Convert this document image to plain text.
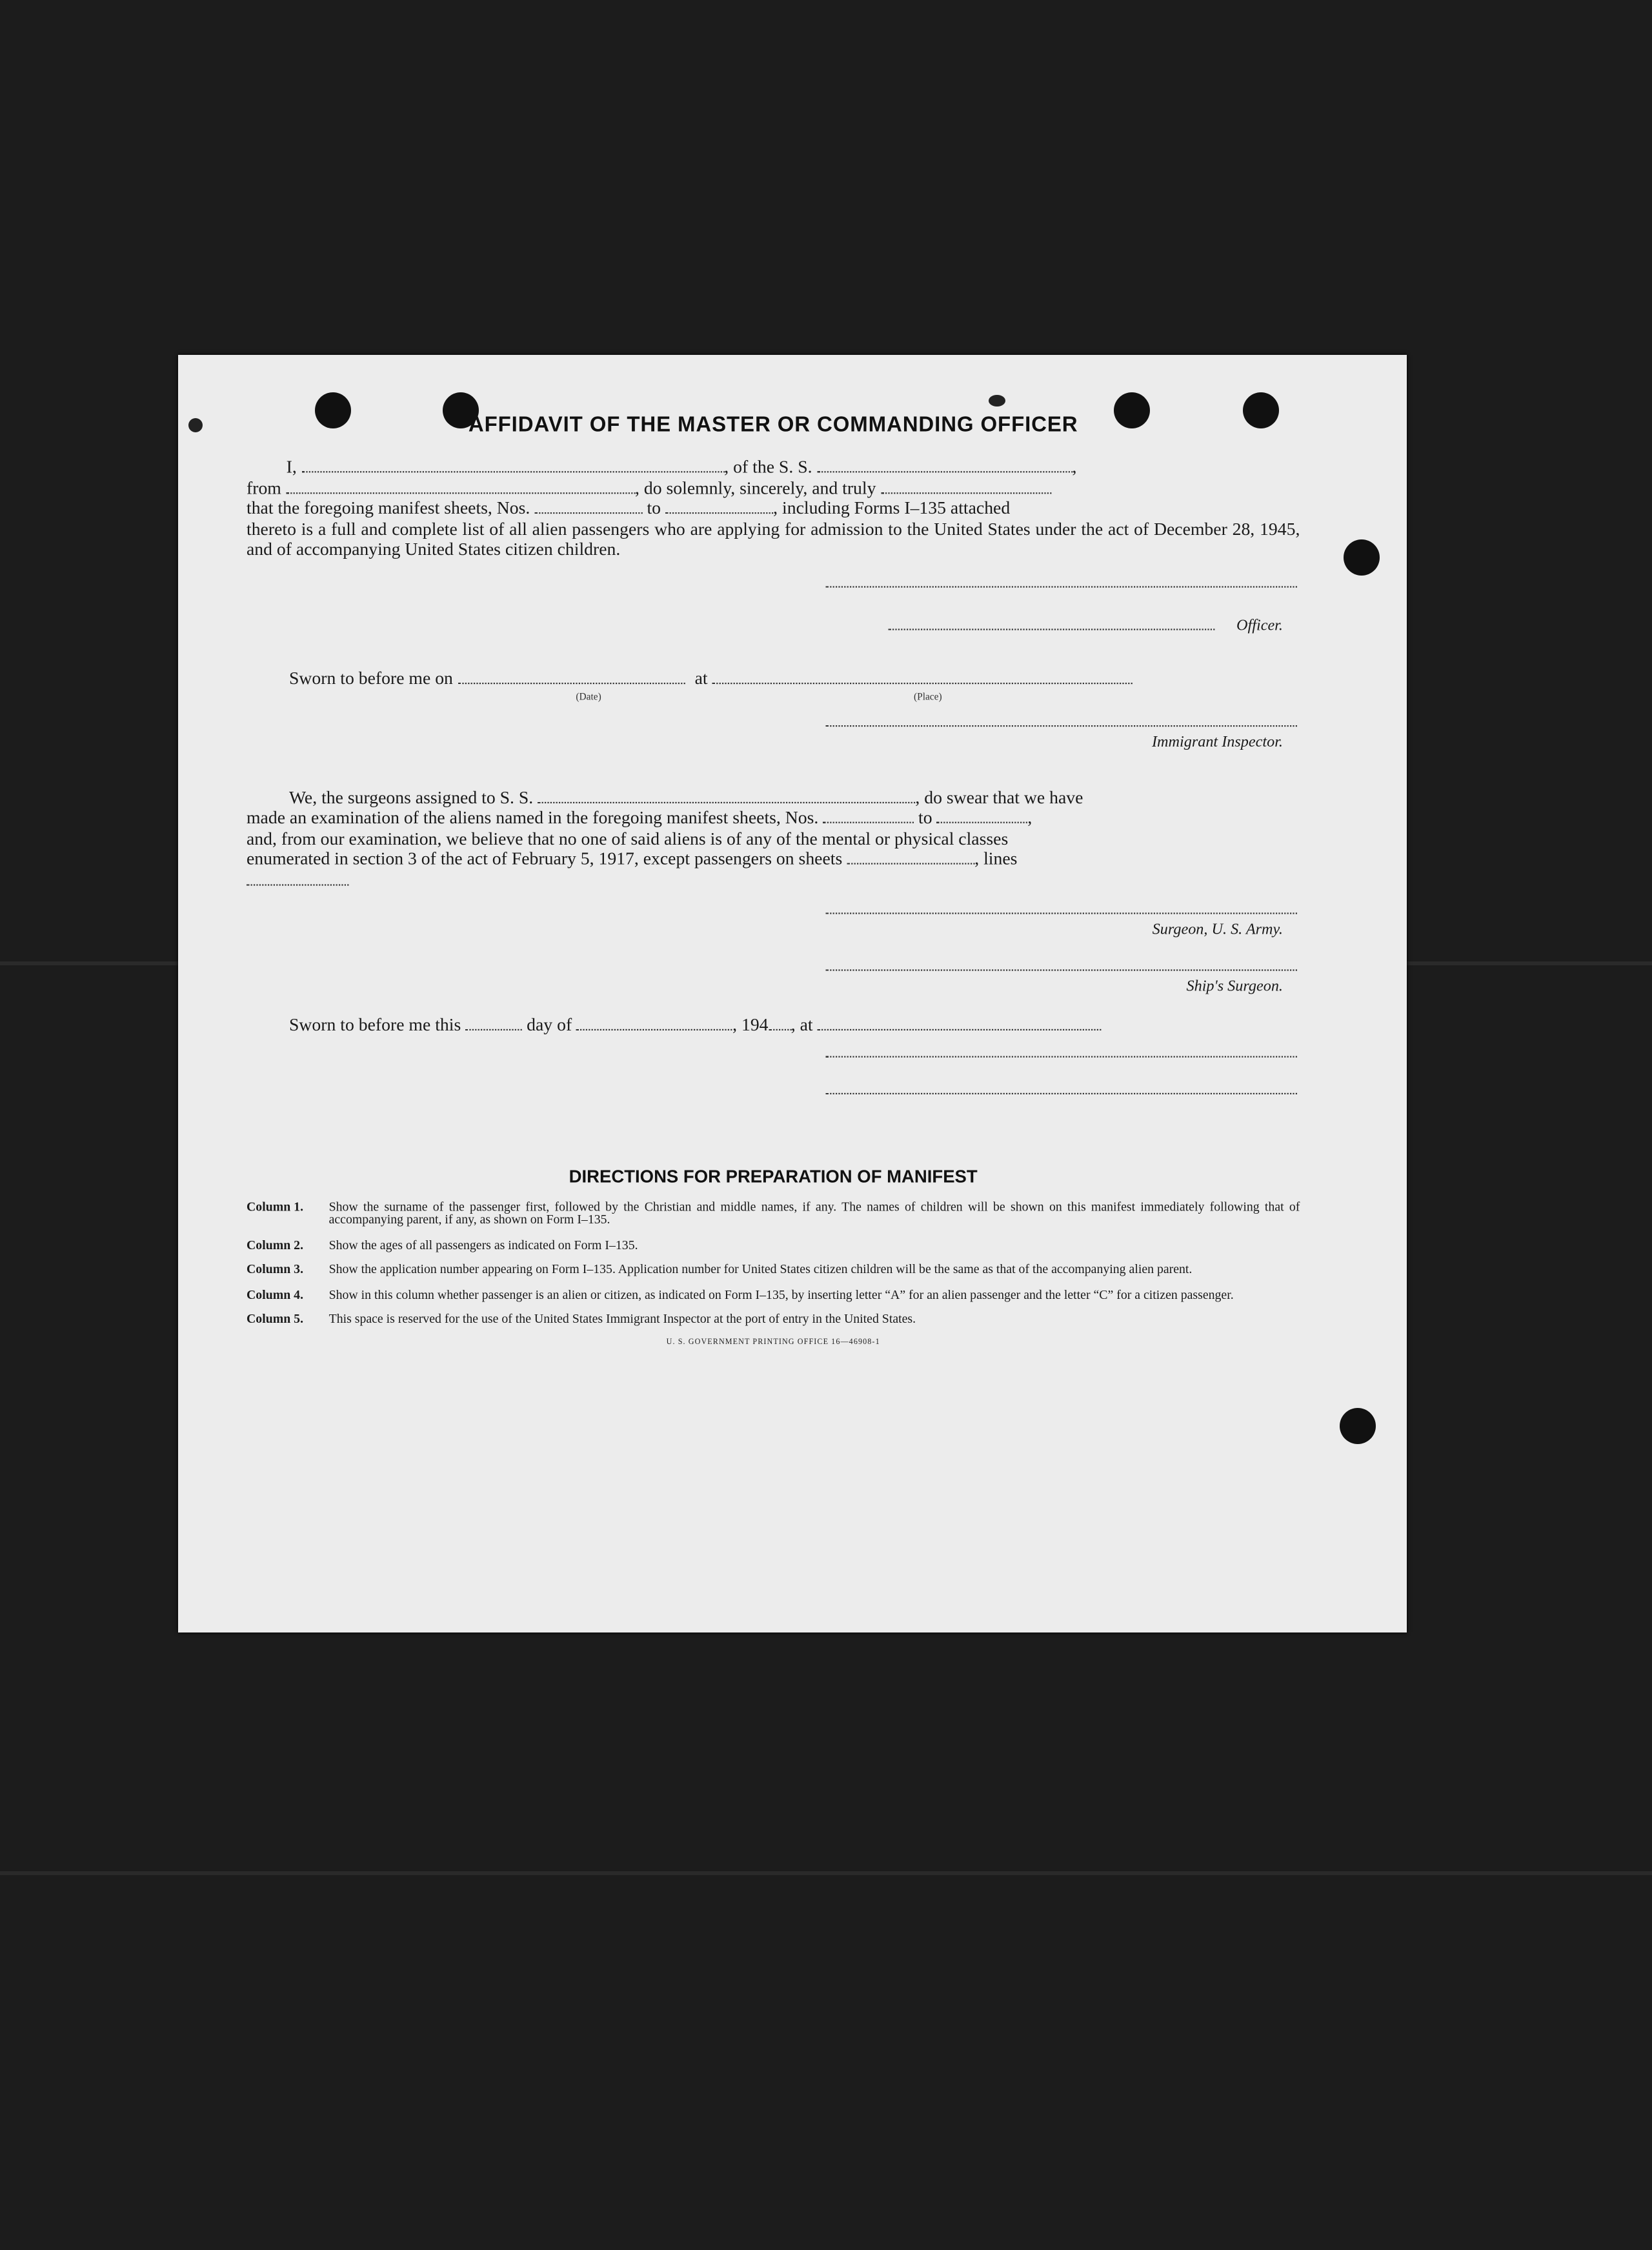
AFFIDAVIT OF THE MASTER OR COMMANDING OFFICER
I,	, of the S. S.	,
from	, do solemnly, sincerely, and truly
that the foregoing manifest sheets, Nos.	to	, including Forms I–135 attached
thereto is a full and complete list of all alien passengers who are applying for admission to the United States under the act of December 28, 1945, and of accompanying United States citizen children.
Officer.
Sworn to before me on	at
(Date)	(Place)
Immigrant Inspector.
We, the surgeons assigned to S. S.	, do swear that we have
made an examination of the aliens named in the foregoing manifest sheets, Nos.	to	,
and, from our examination, we believe that no one of said aliens is of any of the mental or physical classes
enumerated in section 3 of the act of February 5, 1917, except passengers on sheets	, lines
Surgeon, U. S. Army.
Ship's Surgeon.
Sworn to before me this	day of	, 194	, at
DIRECTIONS FOR PREPARATION OF MANIFEST
Column 1.	Show the surname of the passenger first, followed by the Christian and middle names, if any. The names of children will be shown on this manifest immediately following that of accompanying parent, if any, as shown on Form I–135.
Column 2.	Show the ages of all passengers as indicated on Form I–135.
Column 3.	Show the application number appearing on Form I–135. Application number for United States citizen children will be the same as that of the accompanying alien parent.
Column 4.	Show in this column whether passenger is an alien or citizen, as indicated on Form I–135, by inserting letter “A” for an alien passenger and the letter “C” for a citizen passenger.
Column 5.	This space is reserved for the use of the United States Immigrant Inspector at the port of entry in the United States.
U. S. GOVERNMENT PRINTING OFFICE 16—46908-1
